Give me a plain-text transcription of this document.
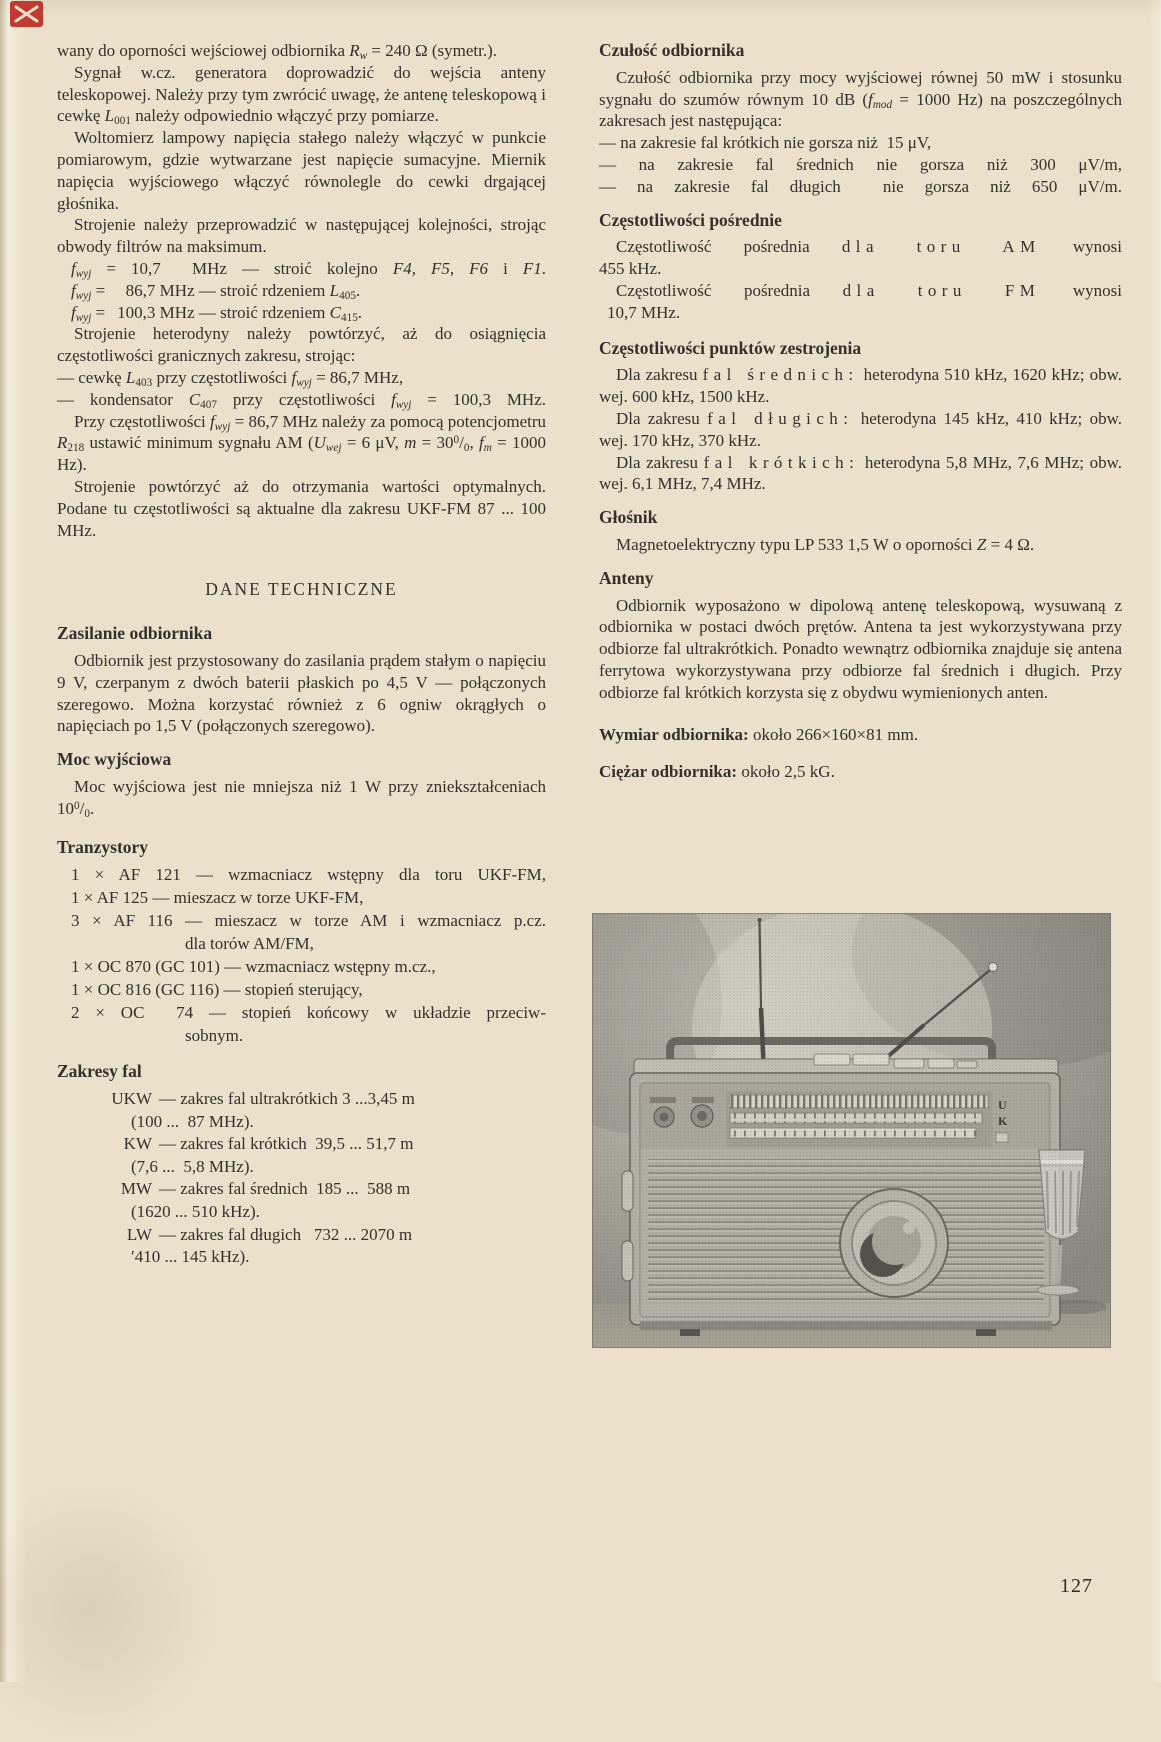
wany do oporności wejściowej odbiornika $R_w = 240$ Ω (symetr.).

Sygnał w.cz. generatora doprowadzić do wejścia anteny teleskopowej. Należy przy tym zwrócić uwagę, że antenę teleskopową i cewkę $L_{001}$ należy odpowiednio włączyć przy pomiarze.

Woltomierz lampowy napięcia stałego należy włączyć w punkcie pomiarowym, gdzie wytwarzane jest napięcie sumacyjne. Miernik napięcia wyjściowego włączyć równolegle do cewki drgającej głośnika.

Strojenie należy przeprowadzić w następującej kolejności, strojąc obwody filtrów na maksimum.

$f_{wyj} = 10,7$ MHz — stroić kolejno F4, F5, F6 i F1.
$f_{wyj} = 86,7$ MHz — stroić rdzeniem $L_{405}$.
$f_{wyj} = 100,3$ MHz — stroić rdzeniem $C_{415}$.

Strojenie heterodyny należy powtórzyć, aż do osiągnięcia częstotliwości granicznych zakresu, strojąc:

— cewkę $L_{403}$ przy częstotliwości $f_{wyj} = 86,7$ MHz,
— kondensator $C_{407}$ przy częstotliwości $f_{wyj} = 100,3$ MHz.

Przy częstotliwości $f_{wyj} = 86,7$ MHz należy za pomocą potencjometru $R_{218}$ ustawić minimum sygnału AM ($U_{wej} = 6$ μV, $m = 30^0/_0$, $f_m = 1000$ Hz).

Strojenie powtórzyć aż do otrzymania wartości optymalnych. Podane tu częstotliwości są aktualne dla zakresu UKF-FM 87 ... 100 MHz.

DANE TECHNICZNE
Zasilanie odbiornika

Odbiornik jest przystosowany do zasilania prądem stałym o napięciu 9 V, czerpanym z dwóch baterii płaskich po 4,5 V — połączonych szeregowo. Można korzystać również z 6 ogniw okrągłych o napięciach po 1,5 V (połączonych szeregowo).

Moc wyjściowa

Moc wyjściowa jest nie mniejsza niż 1 W przy zniekształceniach $10^0/_0$.

Tranzystory
1 × AF 121 — wzmacniacz wstępny dla toru UKF-FM,
1 × AF 125 — mieszacz w torze UKF-FM,
3 × AF 116 — mieszacz w torze AM i wzmacniacz p.cz.
dla torów AM/FM,
1 × OC 870 (GC 101) — wzmacniacz wstępny m.cz.,
1 × OC 816 (GC 116) — stopień sterujący,
2 × OC  74 — stopień końcowy w układzie przeciw-
sobnym.
Zakresy fal
UKW — zakres fal ultrakrótkich 3 ...3,45 m
(100 ...  87 MHz).
KW — zakres fal krótkich  39,5 ... 51,7 m
(7,6 ...  5,8 MHz).
MW — zakres fal średnich  185 ...  588 m
(1620 ... 510 kHz).
LW — zakres fal długich   732 ... 2070 m
′410 ... 145 kHz).
Czułość odbiornika

Czułość odbiornika przy mocy wyjściowej równej 50 mW i stosunku sygnału do szumów równym 10 dB ($f_{mod} = 1000$ Hz) na poszczególnych zakresach jest następująca:

— na zakresie fal krótkich nie gorsza niż  15 μV,
— na zakresie fal średnich nie gorsza niż 300 μV/m,
— na zakresie fal długich  nie gorsza niż 650 μV/m.
Częstotliwości pośrednie
Częstotliwość pośrednia dla toru AM wynosi
455 kHz.
Częstotliwość pośrednia dla toru FM wynosi
10,7 MHz.
Częstotliwości punktów zestrojenia

Dla zakresu fal średnich: heterodyna 510 kHz, 1620 kHz; obw. wej. 600 kHz, 1500 kHz.

Dla zakresu fal długich: heterodyna 145 kHz, 410 kHz; obw. wej. 170 kHz, 370 kHz.

Dla zakresu fal krótkich: heterodyna 5,8 MHz, 7,6 MHz; obw. wej. 6,1 MHz, 7,4 MHz.

Głośnik

Magnetoelektryczny typu LP 533 1,5 W o oporności Z = 4 Ω.

Anteny

Odbiornik wyposażono w dipolową antenę teleskopową, wysuwaną z odbiornika w postaci dwóch prętów. Antena ta jest wykorzystywana przy odbiorze fal ultrakrótkich. Ponadto wewnątrz odbiornika znajduje się antena ferrytowa wykorzystywana przy odbiorze fal średnich i długich. Przy odbiorze fal krótkich korzysta się z obydwu wymienionych anten.

Wymiar odbiornika: około 266×160×81 mm.

Ciężar odbiornika: około 2,5 kG.

127
